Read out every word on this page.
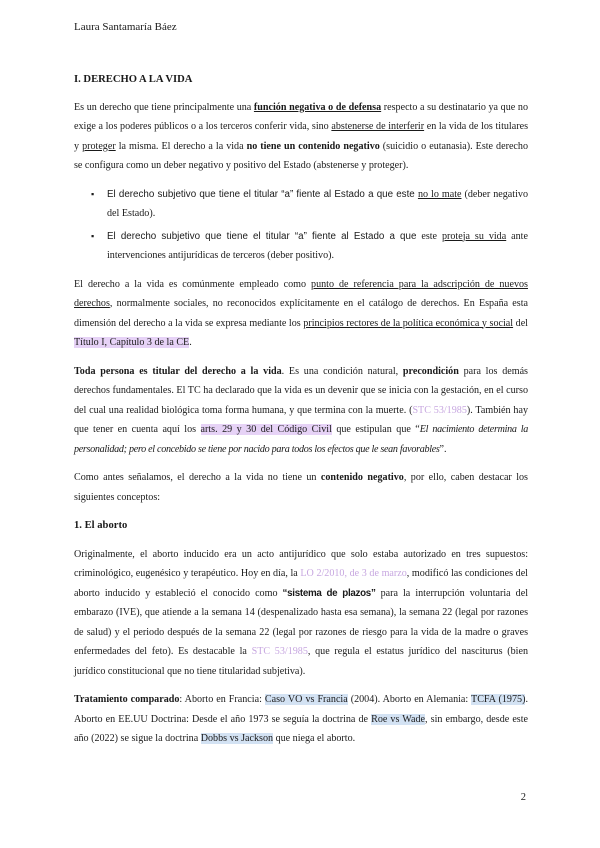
Laura Santamaría Báez
I. DERECHO A LA VIDA

Es un derecho que tiene principalmente una función negativa o de defensa respecto a su destinatario ya que no exige a los poderes públicos o a los terceros conferir vida, sino abstenerse de interferir en la vida de los titulares y proteger la misma. El derecho a la vida no tiene un contenido negativo (suicidio o eutanasia). Este derecho se configura como un deber negativo y positivo del Estado (abstenerse y proteger).

▪ El derecho subjetivo que tiene el titular “a” fiente al Estado a que este no lo mate (deber negativo del Estado).
▪ El derecho subjetivo que tiene el titular “a” fiente al Estado a que este proteja su vida ante intervenciones antijurídicas de terceros (deber positivo).

El derecho a la vida es comúnmente empleado como punto de referencia para la adscripción de nuevos derechos, normalmente sociales, no reconocidos explícitamente en el catálogo de derechos. En España esta dimensión del derecho a la vida se expresa mediante los principios rectores de la política económica y social del Título I, Capítulo 3 de la CE.

Toda persona es titular del derecho a la vida. Es una condición natural, precondición para los demás derechos fundamentales. El TC ha declarado que la vida es un devenir que se inicia con la gestación, en el curso del cual una realidad biológica toma forma humana, y que termina con la muerte. (STC 53/1985). También hay que tener en cuenta aquí los arts. 29 y 30 del Código Civil que estipulan que “El nacimiento determina la personalidad; pero el concebido se tiene por nacido para todos los efectos que le sean favorables”.

Como antes señalamos, el derecho a la vida no tiene un contenido negativo, por ello, caben destacar los siguientes conceptos:

1. El aborto

Originalmente, el aborto inducido era un acto antijurídico que solo estaba autorizado en tres supuestos: criminológico, eugenésico y terapéutico. Hoy en día, la LO 2/2010, de 3 de marzo, modificó las condiciones del aborto inducido y estableció el conocido como “sistema de plazos” para la interrupción voluntaria del embarazo (IVE), que atiende a la semana 14 (despenalizado hasta esa semana), la semana 22 (legal por razones de salud) y el periodo después de la semana 22 (legal por razones de riesgo para la vida de la madre o graves enfermedades del feto). Es destacable la STC 53/1985, que regula el estatus jurídico del nasciturus (bien jurídico constitucional que no tiene titularidad subjetiva).

Tratamiento comparado: Aborto en Francia: Caso VO vs Francia (2004). Aborto en Alemania: TCFA (1975). Aborto en EE.UU Doctrina: Desde el año 1973 se seguía la doctrina de Roe vs Wade, sin embargo, desde este año (2022) se sigue la doctrina Dobbs vs Jackson que niega el aborto.

2
